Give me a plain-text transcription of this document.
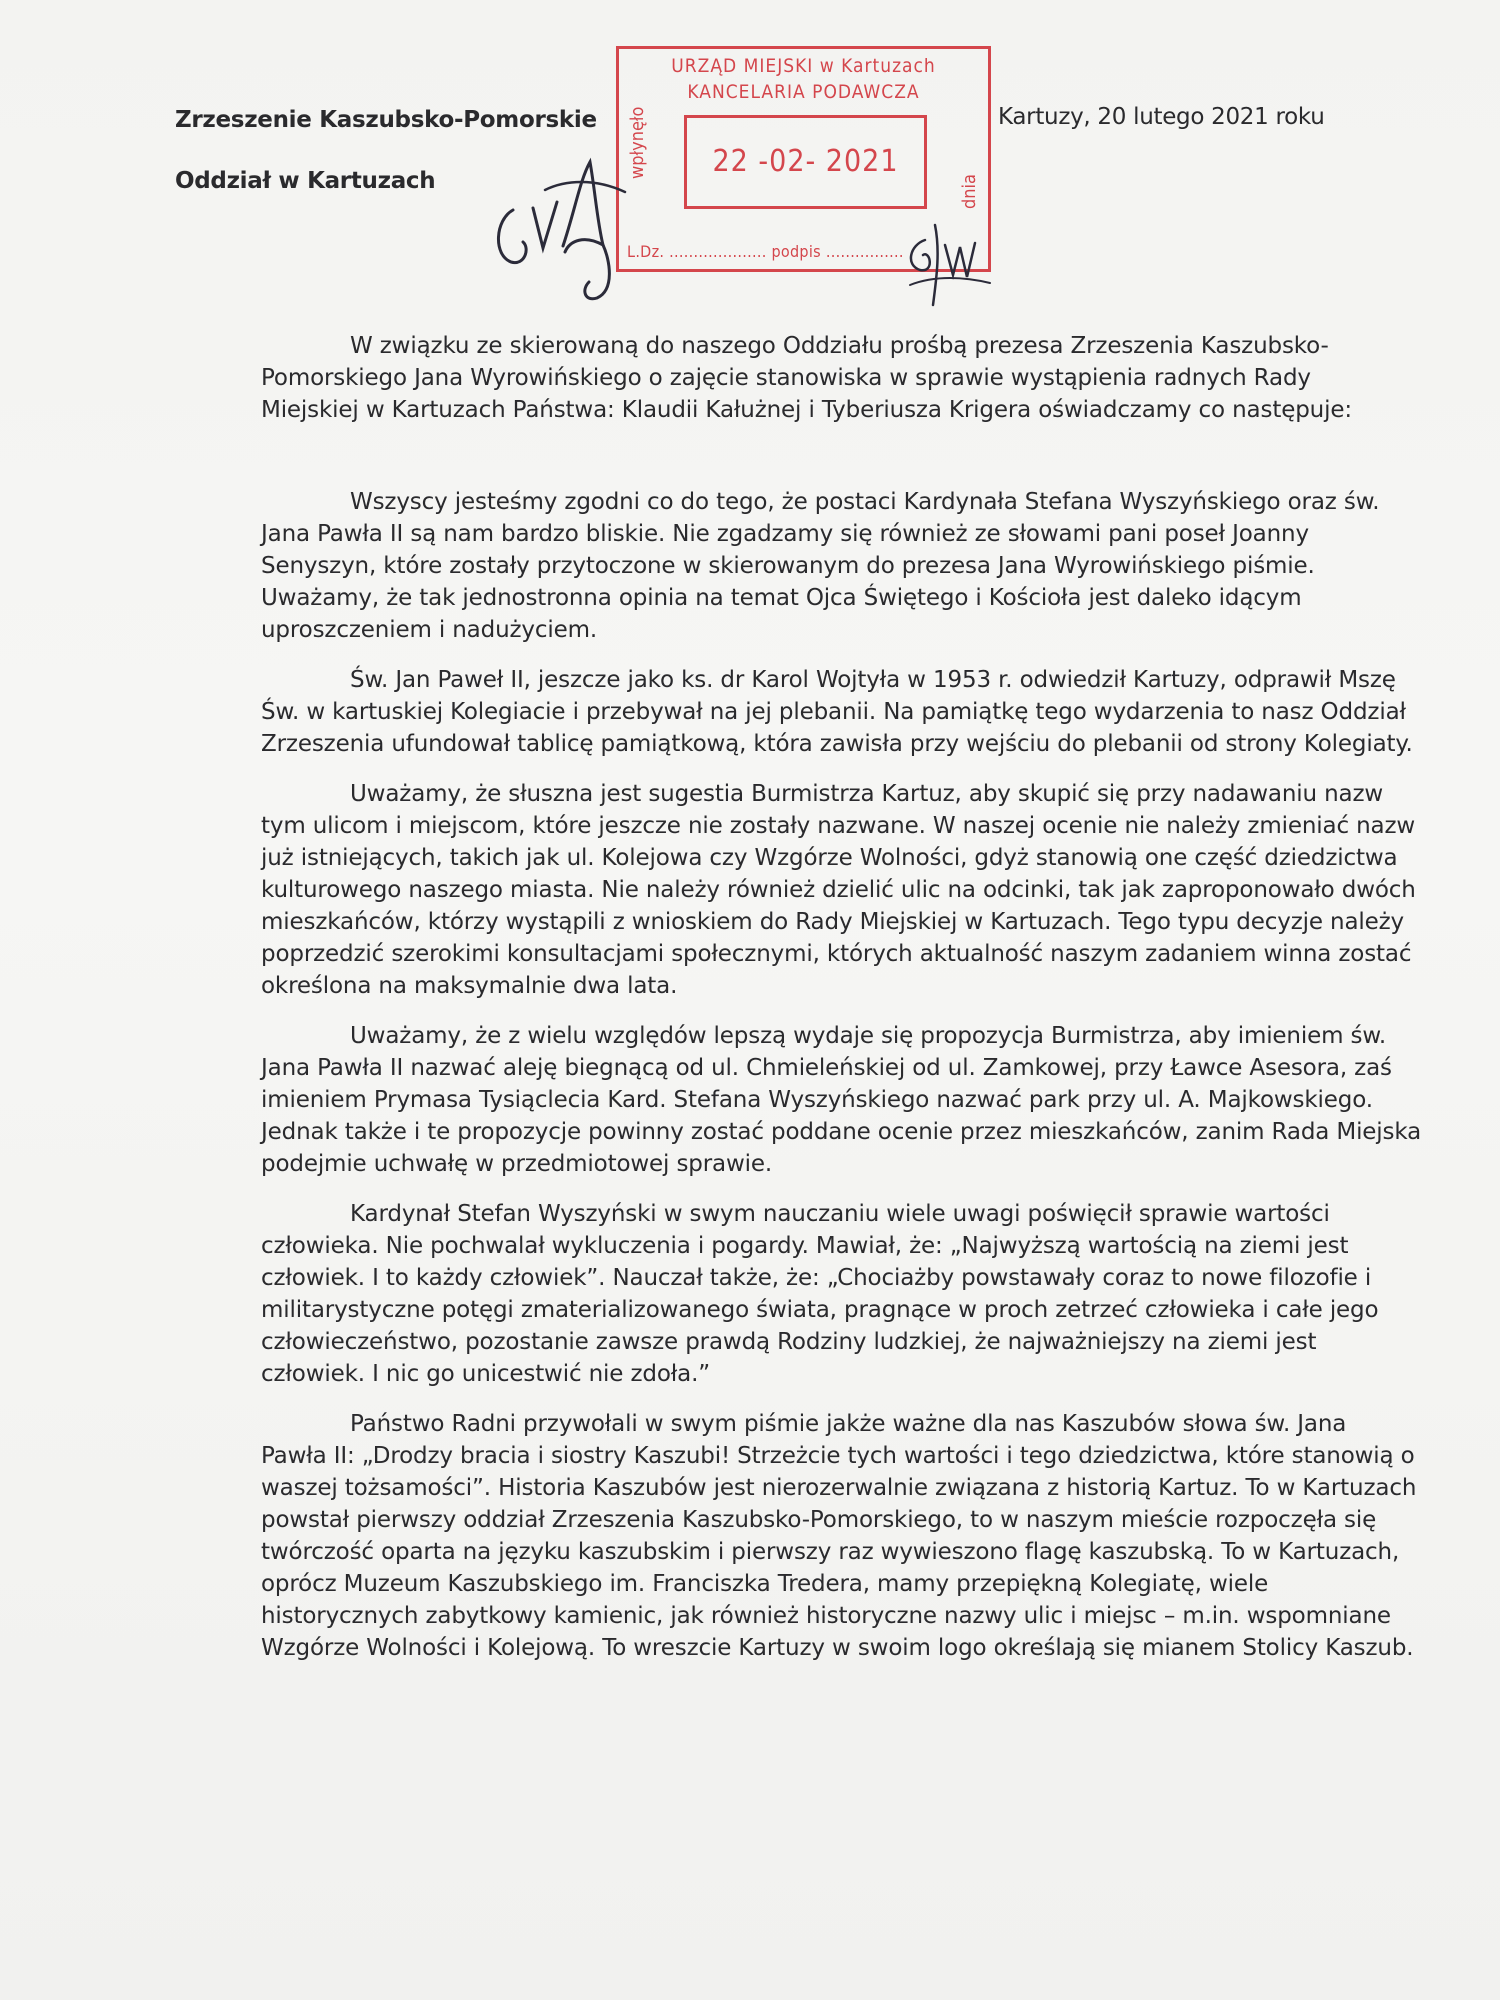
Zrzeszenie Kaszubsko-Pomorskie
Oddział w Kartuzach
Kartuzy, 20 lutego 2021 roku
URZĄD MIEJSKI w Kartuzach
KANCELARIA PODAWCZA
wpłynęło	22 -02- 2021
dnia
L.Dz. .................... podpis ................

W związku ze skierowaną do naszego Oddziału prośbą prezesa Zrzeszenia Kaszubsko-
Pomorskiego Jana Wyrowińskiego o zajęcie stanowiska w sprawie wystąpienia radnych Rady
Miejskiej w Kartuzach Państwa: Klaudii Kałużnej i Tyberiusza Krigera oświadczamy co następuje:

Wszyscy jesteśmy zgodni co do tego, że postaci Kardynała Stefana Wyszyńskiego oraz św.
Jana Pawła II są nam bardzo bliskie. Nie zgadzamy się również ze słowami pani poseł Joanny
Senyszyn, które zostały przytoczone w skierowanym do prezesa Jana Wyrowińskiego piśmie.
Uważamy, że tak jednostronna opinia na temat Ojca Świętego i Kościoła jest daleko idącym
uproszczeniem i nadużyciem.

Św. Jan Paweł II, jeszcze jako ks. dr Karol Wojtyła w 1953 r. odwiedził Kartuzy, odprawił Mszę
Św. w kartuskiej Kolegiacie i przebywał na jej plebanii. Na pamiątkę tego wydarzenia to nasz Oddział
Zrzeszenia ufundował tablicę pamiątkową, która zawisła przy wejściu do plebanii od strony Kolegiaty.

Uważamy, że słuszna jest sugestia Burmistrza Kartuz, aby skupić się przy nadawaniu nazw
tym ulicom i miejscom, które jeszcze nie zostały nazwane. W naszej ocenie nie należy zmieniać nazw
już istniejących, takich jak ul. Kolejowa czy Wzgórze Wolności, gdyż stanowią one część dziedzictwa
kulturowego naszego miasta. Nie należy również dzielić ulic na odcinki, tak jak zaproponowało dwóch
mieszkańców, którzy wystąpili z wnioskiem do Rady Miejskiej w Kartuzach. Tego typu decyzje należy
poprzedzić szerokimi konsultacjami społecznymi, których aktualność naszym zadaniem winna zostać
określona na maksymalnie dwa lata.

Uważamy, że z wielu względów lepszą wydaje się propozycja Burmistrza, aby imieniem św.
Jana Pawła II nazwać aleję biegnącą od ul. Chmieleńskiej od ul. Zamkowej, przy Ławce Asesora, zaś
imieniem Prymasa Tysiąclecia Kard. Stefana Wyszyńskiego nazwać park przy ul. A. Majkowskiego.
Jednak także i te propozycje powinny zostać poddane ocenie przez mieszkańców, zanim Rada Miejska
podejmie uchwałę w przedmiotowej sprawie.

Kardynał Stefan Wyszyński w swym nauczaniu wiele uwagi poświęcił sprawie wartości
człowieka. Nie pochwalał wykluczenia i pogardy. Mawiał, że: „Najwyższą wartością na ziemi jest
człowiek. I to każdy człowiek”. Nauczał także, że: „Chociażby powstawały coraz to nowe filozofie i
militarystyczne potęgi zmaterializowanego świata, pragnące w proch zetrzeć człowieka i całe jego
człowieczeństwo, pozostanie zawsze prawdą Rodziny ludzkiej, że najważniejszy na ziemi jest
człowiek. I nic go unicestwić nie zdoła.”

Państwo Radni przywołali w swym piśmie jakże ważne dla nas Kaszubów słowa św. Jana
Pawła II: „Drodzy bracia i siostry Kaszubi! Strzeżcie tych wartości i tego dziedzictwa, które stanowią o
waszej tożsamości”. Historia Kaszubów jest nierozerwalnie związana z historią Kartuz. To w Kartuzach
powstał pierwszy oddział Zrzeszenia Kaszubsko-Pomorskiego, to w naszym mieście rozpoczęła się
twórczość oparta na języku kaszubskim i pierwszy raz wywieszono flagę kaszubską. To w Kartuzach,
oprócz Muzeum Kaszubskiego im. Franciszka Tredera, mamy przepiękną Kolegiatę, wiele
historycznych zabytkowy kamienic, jak również historyczne nazwy ulic i miejsc – m.in. wspomniane
Wzgórze Wolności i Kolejową. To wreszcie Kartuzy w swoim logo określają się mianem Stolicy Kaszub.
